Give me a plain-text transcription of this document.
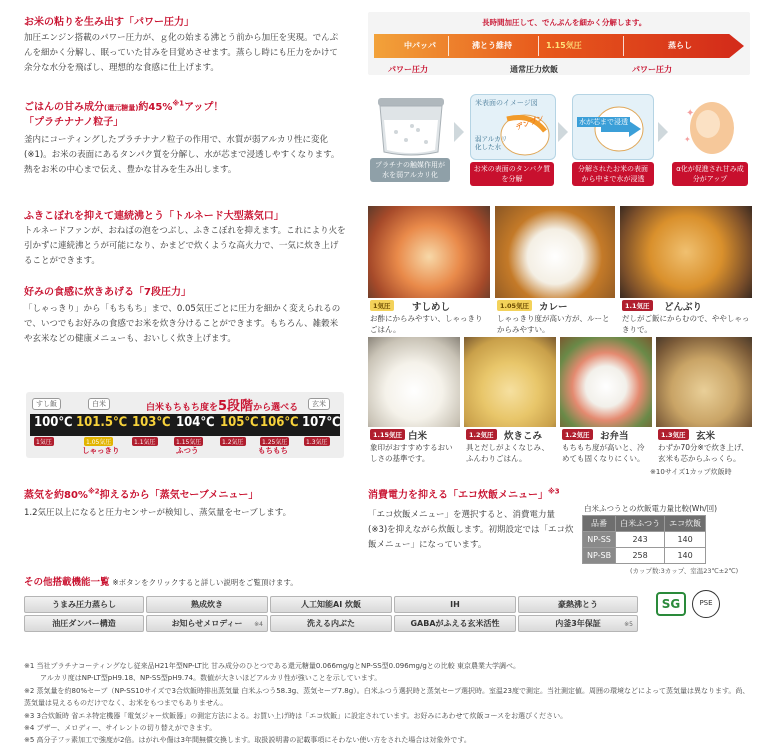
お米の粘りを生み出す「パワー圧力」
加圧エンジン搭載のパワー圧力が、ｇ化の始まる沸とう前から加圧を実現。でんぷんを細かく分解し、眠っていた甘みを目覚めさせます。蒸らし時にも圧力をかけて余分な水分を飛ばし、理想的な食感に仕上げます。
長時間加圧して、でんぷんを細かく分解します。
中パッパ	沸とう維持	1.15気圧	蒸らし
パワー圧力	通常圧力炊飯	パワー圧力
ごはんの甘み成分(還元糖量)約45%$^{※1}$アップ！
「プラチナナノ粒子」
釜内にコーティングしたプラチナナノ粒子の作用で、水質が弱アルカリ性に変化(※1)。お米の表面にあるタンパク質を分解し、水が芯まで浸透しやすくなります。熱をお米の中心まで伝え、豊かな甘みを生み出します。	プラチナの触媒作用が水を弱アルカリ化
米表面のイメージ図
デンプン
弱アルカリ化した水
お米の表面のタンパク質を分解
水が芯まで浸透
分解されたお米の表面から中まで水が浸透
✦
✦
α化が促進され甘み成分がアップ
ふきこぼれを抑えて連続沸とう「トルネード大型蒸気口」
トルネードファンが、おねばの泡をつぶし、ふきこぼれを抑えます。これにより火を引かずに連続沸とうが可能になり、かまどで炊くような高火力で、一気に炊き上げることができます。
好みの食感に炊きあげる「7段圧力」
「しゃっきり」から「もちもち」まで、0.05気圧ごとに圧力を細かく変えられるので、いつでもお好みの食感でお米を炊き分けることができます。もちろん、雑穀米や玄米などの健康メニューも、おいしく炊き上げます。
すし飯	白米	玄米
白米もちもち度を5段階から選べる
100℃ 101.5℃ 103℃ 104℃ 105℃ 106℃ 107℃
1気圧	1.05気圧	1.1気圧	1.15気圧	1.2気圧	1.25気圧	1.3気圧
しゃっきり	ふつう	もちもち
1気圧	すしめし
お酢にからみやすい、しゃっきりごはん。
1.05気圧	カレー
しゃっきり度が高い方が、ルーとからみやすい。
1.1気圧	どんぶり
だしがご飯にからむので、ややしゃっきりで。
1.15気圧 白米
象印がおすすめするおいしさの基準です。
1.2気圧	炊きこみ
具とだしがよくなじみ、ふんわりごはん。
1.2気圧	お弁当
もちもち度が高いと、冷めても固くなりにくい。
1.3気圧	玄米
わずか70分※で炊き上げ、玄米も芯からふっくら。
※10サイズ1カップ炊飯時
蒸気を約80%$^{※2}$抑えるから「蒸気セーブメニュー」
1.2気圧以上になると圧力センサーが検知し、蒸気量をセーブします。
消費電力を抑える「エコ炊飯メニュー」$^{※3}$
「エコ炊飯メニュー」を選択すると、消費電力量(※3)を抑えながら炊飯します。初期設定では「エコ炊飯メニュー」になっています。
白米ふつうとの炊飯電力量比較(Wh/回)
品番	白米ふつう	エコ炊飯
NP-SS	243	140
NP-SB	258	140
(カップ数:3カップ、室温23℃±2℃)
その他搭載機能一覧 ※ボタンをクリックすると詳しい説明をご覧頂けます。
うまみ圧力蒸らし	熟成炊き	人工知能AI 炊飯	IH	豪熱沸とう
油圧ダンパー構造	お知らせメロディー ※4	洗える内ぶた	GABAがふえる玄米活性	内釜3年保証	※5
SG	PSE
※1 当社プラチナコーティングなし従来品H21年型NP-LT比 甘み成分のひとつである還元糖量0.066mg/gとNP-SS型0.096mg/gとの比較 東京農業大学調べ。
アルカリ度はNP-LT型pH9.18、NP-SS型pH9.74。数値が大きいほどアルカリ性が強いことを示しています。
※2 蒸気量を約80%セーブ（NP-SS10サイズで3合炊飯時排出蒸気量 白米ふつう58.3g、蒸気セーブ7.8g）。白米ふつう選択時と蒸気セーブ選択時。室温23度で測定。当社測定値。周囲の環境などによって蒸気量は異なります。尚、蒸気量は見えるものだけでなく、お米をもつまでもありません。
※3 3合炊飯時 省エネ特定機器「電気ジャー炊飯器」の測定方法による。お買い上げ時は「エコ炊飯」に設定されています。お好みにあわせて炊飯コースをお選びください。
※4 ブザー、メロディー、サイレントの切り替えができます。
※5 高分子フッ素加工で強度が2倍。はがれや傷は3年間無償交換します。取扱説明書の記載事項にそわない使い方をされた場合は対象外です。
